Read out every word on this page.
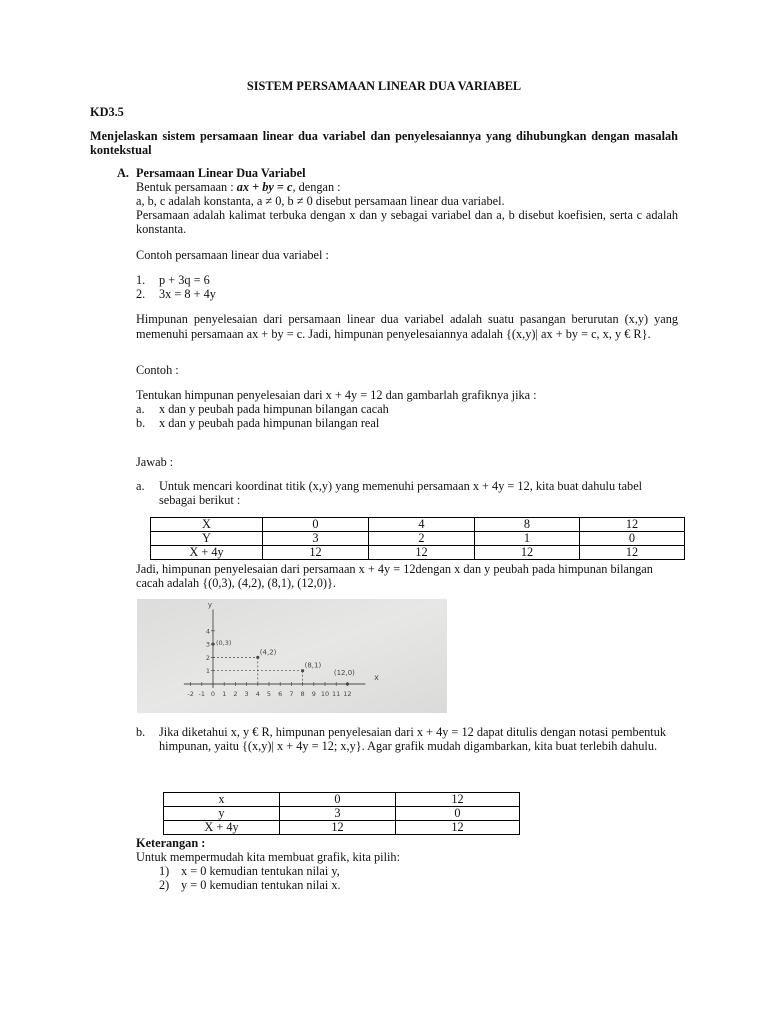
SISTEM PERSAMAAN LINEAR DUA VARIABEL
KD3.5
Menjelaskan sistem persamaan linear dua variabel dan penyelesaiannya yang dihubungkan dengan masalah kontekstual
A. Persamaan Linear Dua Variabel
Bentuk persamaan : ax + by = c, dengan :
a, b, c adalah konstanta, a ≠ 0, b ≠ 0 disebut persamaan linear dua variabel.
Persamaan adalah kalimat terbuka dengan x dan y sebagai variabel dan a, b disebut koefisien, serta c adalah konstanta.
Contoh persamaan linear dua variabel :
1. p + 3q = 6
2. 3x = 8 + 4y
Himpunan penyelesaian dari persamaan linear dua variabel adalah suatu pasangan berurutan (x,y) yang memenuhi persamaan ax + by = c. Jadi, himpunan penyelesaiannya adalah {(x,y)| ax + by = c, x, y € R}.
Contoh :
Tentukan himpunan penyelesaian dari x + 4y = 12 dan gambarlah grafiknya jika :
a. x dan y peubah pada himpunan bilangan cacah
b. x dan y peubah pada himpunan bilangan real
Jawab :
a. Untuk mencari koordinat titik (x,y) yang memenuhi persamaan x + 4y = 12, kita buat dahulu tabel sebagai berikut :
X	0	4	8	12
Y	3	2	1	0
X + 4y	12	12	12	12
Jadi, himpunan penyelesaian dari persamaan x + 4y = 12dengan x dan y peubah pada himpunan bilangan cacah adalah {(0,3), (4,2), (8,1), (12,0)}.
y
x
4
3
2
1
-2 -1 0 1 2 3 4 5 6 7 8 9 10 11 12
(0,3)
(4,2)
(8,1)
(12,0)
b. Jika diketahui x, y € R, himpunan penyelesaian dari x + 4y = 12 dapat ditulis dengan notasi pembentuk himpunan, yaitu {(x,y)| x + 4y = 12; x,y}. Agar grafik mudah digambarkan, kita buat terlebih dahulu.
x	0	12
y	3	0
X + 4y	12	12
Keterangan :
Untuk mempermudah kita membuat grafik, kita pilih:
1) x = 0 kemudian tentukan nilai y,
2) y = 0 kemudian tentukan nilai x.
